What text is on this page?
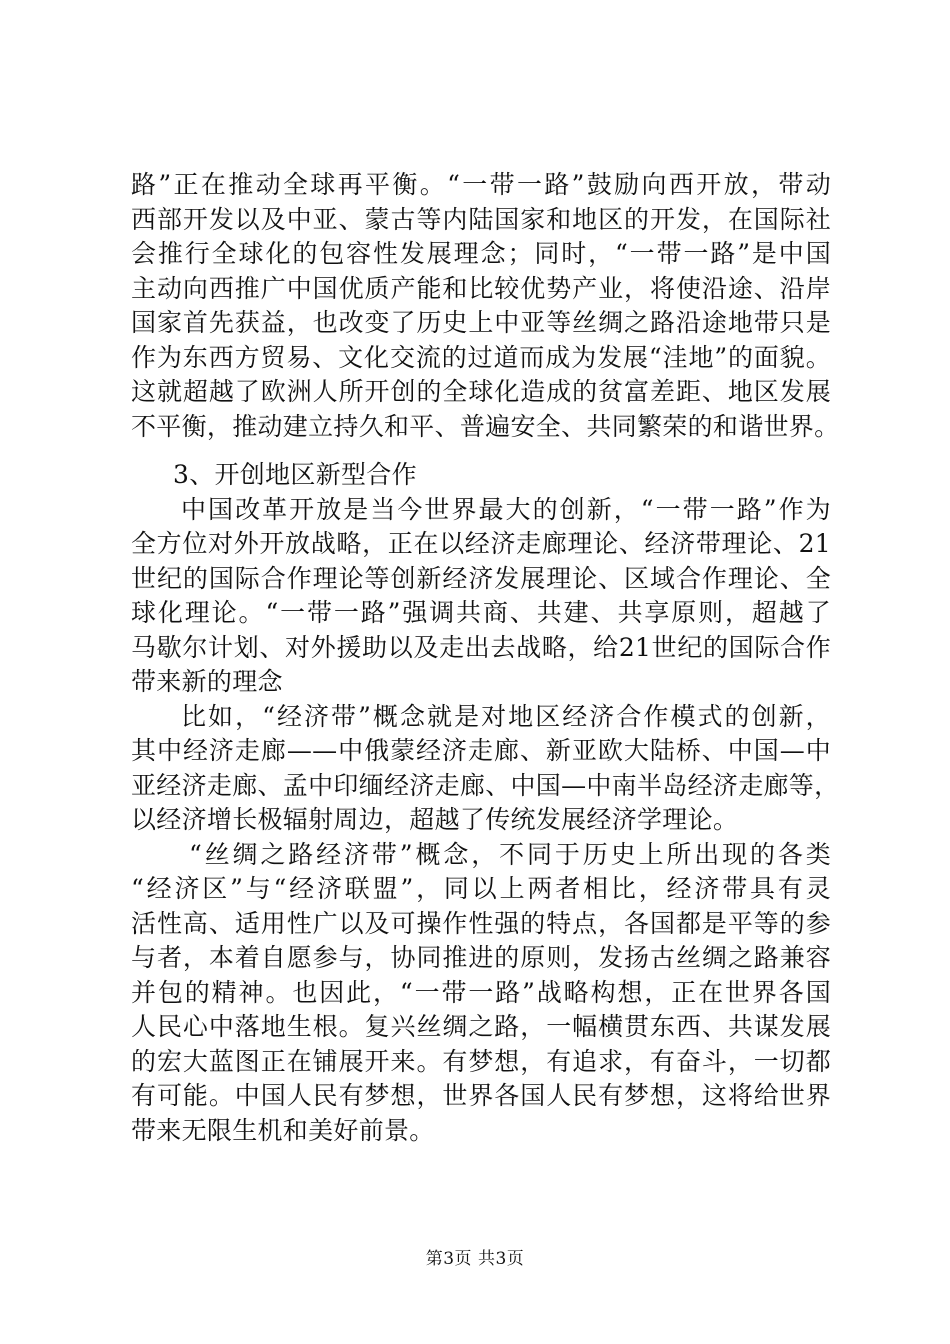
路”正在推动全球再平衡。“一带一路”鼓励向西开放，带动
西部开发以及中亚、蒙古等内陆国家和地区的开发，在国际社
会推行全球化的包容性发展理念；同时，“一带一路”是中国
主动向西推广中国优质产能和比较优势产业，将使沿途、沿岸
国家首先获益，也改变了历史上中亚等丝绸之路沿途地带只是
作为东西方贸易、文化交流的过道而成为发展“洼地”的面貌。
这就超越了欧洲人所开创的全球化造成的贫富差距、地区发展
不平衡，推动建立持久和平、普遍安全、共同繁荣的和谐世界。
3、开创地区新型合作
中国改革开放是当今世界最大的创新，“一带一路”作为
全方位对外开放战略，正在以经济走廊理论、经济带理论、21
世纪的国际合作理论等创新经济发展理论、区域合作理论、全
球化理论。“一带一路”强调共商、共建、共享原则，超越了
马歇尔计划、对外援助以及走出去战略，给21世纪的国际合作
带来新的理念
比如，“经济带”概念就是对地区经济合作模式的创新，
其中经济走廊——中俄蒙经济走廊、新亚欧大陆桥、中国—中
亚经济走廊、孟中印缅经济走廊、中国—中南半岛经济走廊等，
以经济增长极辐射周边，超越了传统发展经济学理论。
“丝绸之路经济带”概念，不同于历史上所出现的各类
“经济区”与“经济联盟”，同以上两者相比，经济带具有灵
活性高、适用性广以及可操作性强的特点，各国都是平等的参
与者，本着自愿参与，协同推进的原则，发扬古丝绸之路兼容
并包的精神。也因此，“一带一路”战略构想，正在世界各国
人民心中落地生根。复兴丝绸之路，一幅横贯东西、共谋发展
的宏大蓝图正在铺展开来。有梦想，有追求，有奋斗，一切都
有可能。中国人民有梦想，世界各国人民有梦想，这将给世界
带来无限生机和美好前景。
第3页 共3页
